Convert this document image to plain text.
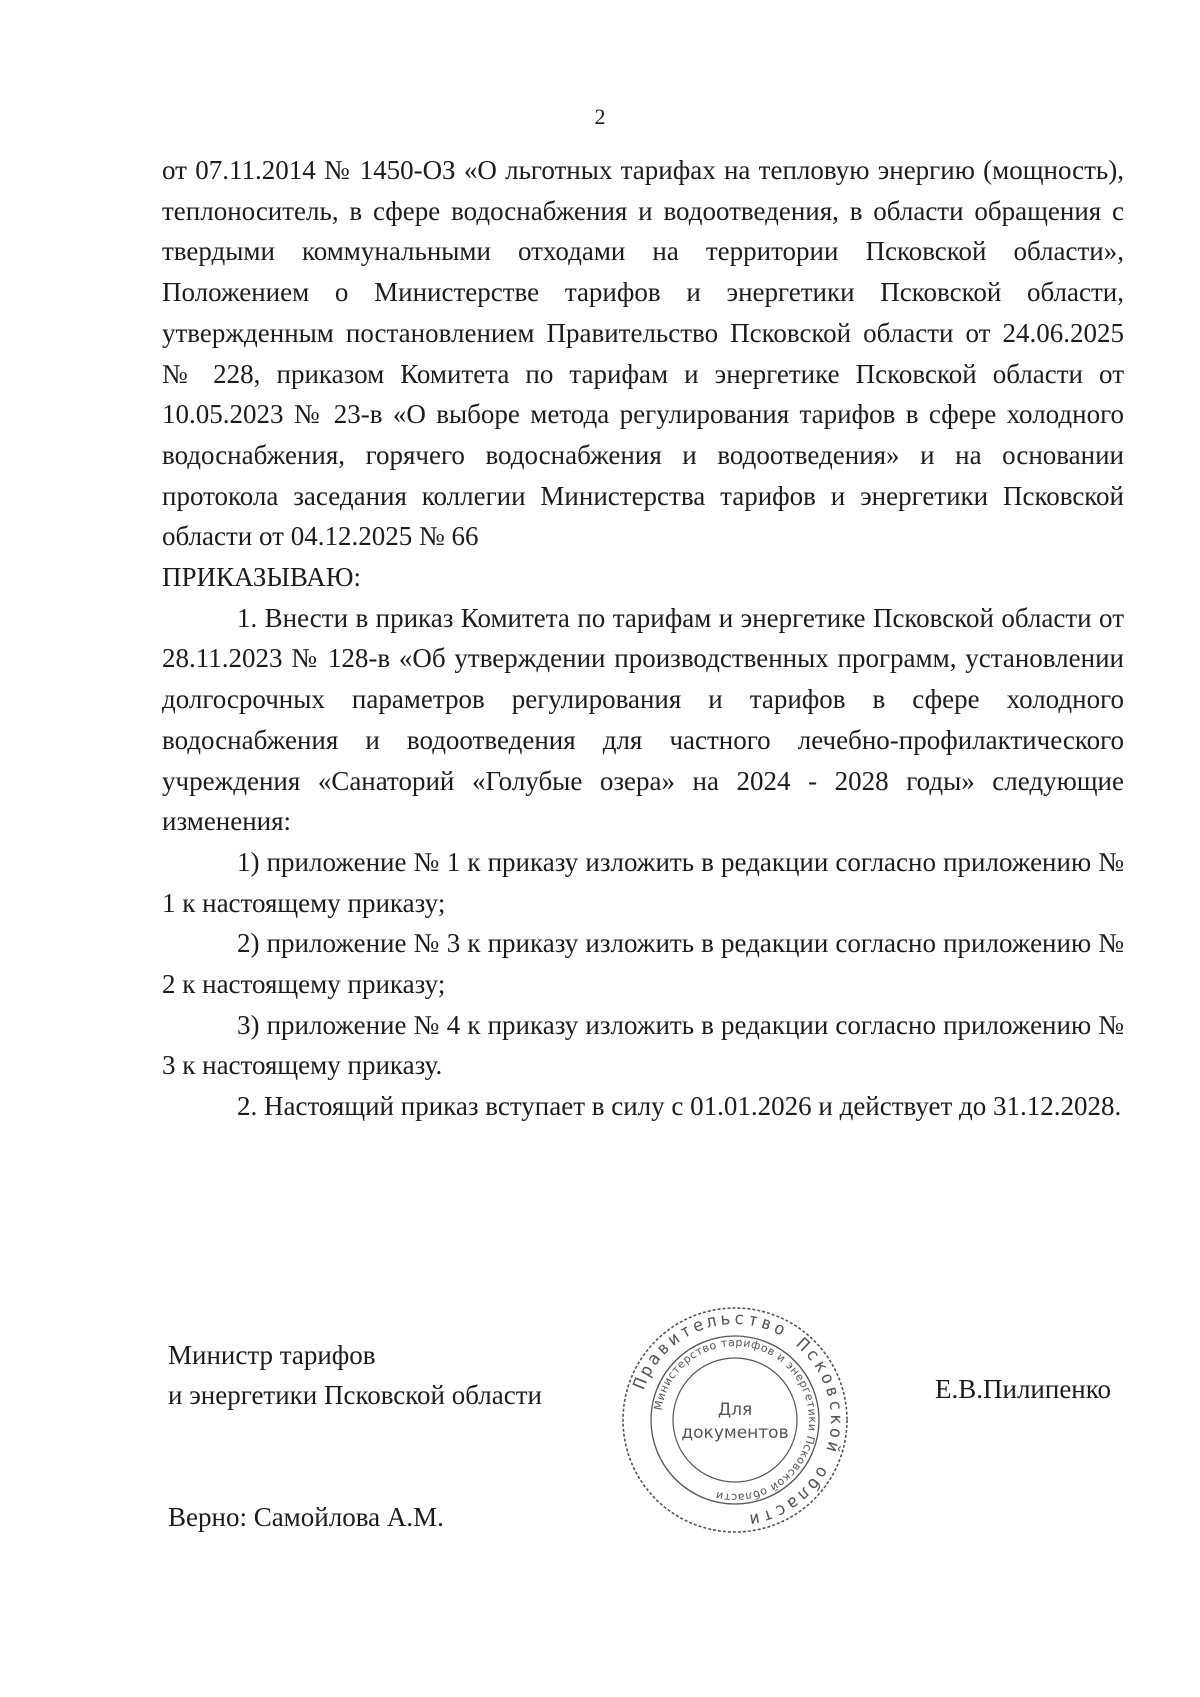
2

от 07.11.2014 № 1450-ОЗ «О льготных тарифах на тепловую энергию (мощность), теплоноситель, в сфере водоснабжения и водоотведения, в области обращения с твердыми коммунальными отходами на территории Псковской области», Положением о Министерстве тарифов и энергетики Псковской области, утвержденным постановлением Правительство Псковской области от 24.06.2025 № 228, приказом Комитета по тарифам и энергетике Псковской области от 10.05.2023 № 23-в «О выборе метода регулирования тарифов в сфере холодного водоснабжения, горячего водоснабжения и водоотведения» и на основании протокола заседания коллегии Министерства тарифов и энергетики Псковской области от 04.12.2025 № 66

ПРИКАЗЫВАЮ:

1. Внести в приказ Комитета по тарифам и энергетике Псковской области от 28.11.2023 № 128-в «Об утверждении производственных программ, установлении долгосрочных параметров регулирования и тарифов в сфере холодного водоснабжения и водоотведения для частного лечебно-профилактического учреждения «Санаторий «Голубые озера» на 2024 - 2028 годы» следующие изменения:

1) приложение № 1 к приказу изложить в редакции согласно приложению № 1 к настоящему приказу;

2) приложение № 3 к приказу изложить в редакции согласно приложению № 2 к настоящему приказу;

3) приложение № 4 к приказу изложить в редакции согласно приложению № 3 к настоящему приказу.

2. Настоящий приказ вступает в силу с 01.01.2026 и действует до 31.12.2028.

Министр тарифов
и энергетики Псковской области	Е.В.Пилипенко
Верно: Самойлова А.М.
Правительство Псковской области
Министерство тарифов и энергетики Псковской области
Для
документов
